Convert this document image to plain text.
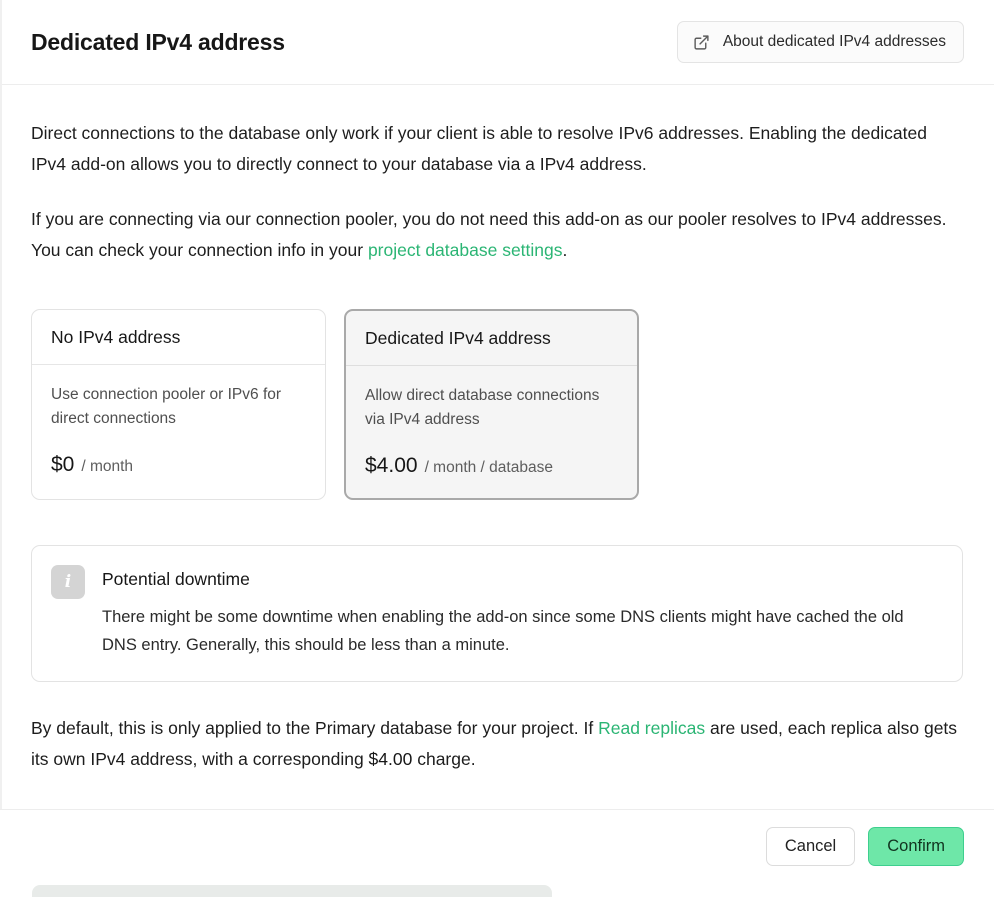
Dedicated IPv4 address	About dedicated IPv4 addresses

Direct connections to the database only work if your client is able to resolve IPv6 addresses. Enabling the dedicated IPv4 add-on allows you to directly connect to your database via a IPv4 address.

If you are connecting via our connection pooler, you do not need this add-on as our pooler resolves to IPv4 addresses. You can check your connection info in your project database settings.

No IPv4 address

Use connection pooler or IPv6 for direct connections

$0 / month
Dedicated IPv4 address

Allow direct database connections via IPv4 address

$4.00 / month / database
i Potential downtime

There might be some downtime when enabling the add-on since some DNS clients might have cached the old DNS entry. Generally, this should be less than a minute.

By default, this is only applied to the Primary database for your project. If Read replicas are used, each replica also gets its own IPv4 address, with a corresponding $4.00 charge.

Cancel	Confirm
